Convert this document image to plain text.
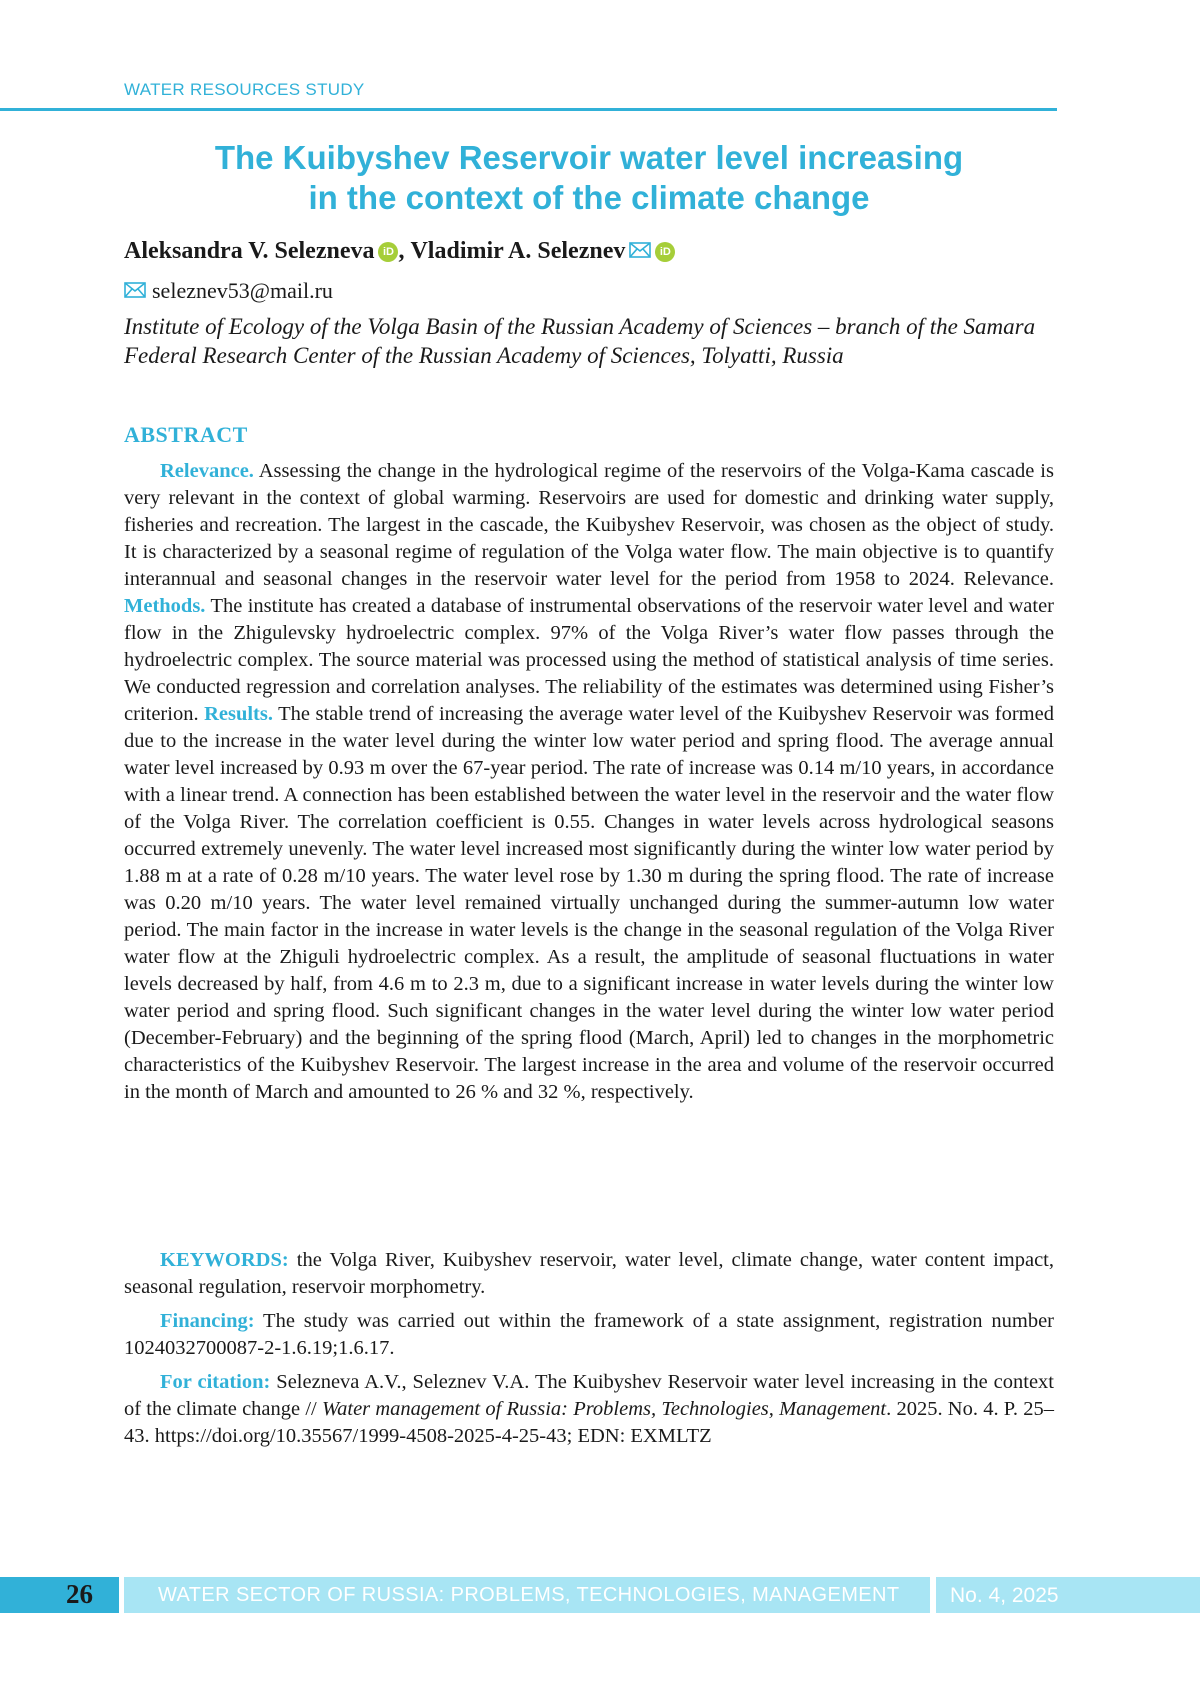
WATER RESOURCES STUDY
The Kuibyshev Reservoir water level increasing
in the context of the climate change
Aleksandra V. Selezneva iD , Vladimir A. Seleznev	iD
seleznev53@mail.ru
Institute of Ecology of the Volga Basin of the Russian Academy of Sciences – branch of the Samara Federal Research Center of the Russian Academy of Sciences, Tolyatti, Russia
ABSTRACT
Relevance. Assessing the change in the hydrological regime of the reservoirs of the Volga-Kama cascade is very relevant in the context of global warming. Reservoirs are used for domestic and drinking water supply, fisheries and recreation. The largest in the cascade, the Kuibyshev Reservoir, was chosen as the object of study. It is characterized by a seasonal regime of regulation of the Volga water flow. The main objective is to quantify interannual and seasonal changes in the reservoir water level for the period from 1958 to 2024. Relevance. Methods. The institute has created a database of instrumental observations of the reservoir water level and water flow in the Zhigulevsky hydroelectric complex. 97% of the Volga River’s water flow passes through the hydroelectric complex. The source material was processed using the method of statistical analysis of time series. We conducted regression and correlation analyses. The reliability of the estimates was determined using Fisher’s criterion. Results. The stable trend of increasing the average water level of the Kuibyshev Reservoir was formed due to the increase in the water level during the winter low water period and spring flood. The average annual water level increased by 0.93 m over the 67-year period. The rate of increase was 0.14 m/10 years, in accordance with a linear trend. A connection has been established between the water level in the reservoir and the water flow of the Volga River. The correlation coefficient is 0.55. Changes in water levels across hydrological seasons occurred extremely unevenly. The water level increased most significantly during the winter low water period by 1.88 m at a rate of 0.28 m/10 years. The water level rose by 1.30 m during the spring flood. The rate of increase was 0.20 m/10 years. The water level remained virtually unchanged during the summer-autumn low water period. The main factor in the increase in water levels is the change in the seasonal regulation of the Volga River water flow at the Zhiguli hydroelectric complex. As a result, the amplitude of seasonal fluctuations in water levels decreased by half, from 4.6 m to 2.3 m, due to a significant increase in water levels during the winter low water period and spring flood. Such significant changes in the water level during the winter low water period (December-February) and the beginning of the spring flood (March, April) led to changes in the morphometric characteristics of the Kuibyshev Reservoir. The largest increase in the area and volume of the reservoir occurred in the month of March and amounted to 26 % and 32 %, respectively.
KEYWORDS: the Volga River, Kuibyshev reservoir, water level, climate change, water content impact, seasonal regulation, reservoir morphometry.
Financing: The study was carried out within the framework of a state assignment, registration number 1024032700087-2-1.6.19;1.6.17.
For citation: Selezneva A.V., Seleznev V.A. The Kuibyshev Reservoir water level increasing in the context of the climate change // Water management of Russia: Problems, Technologies, Management. 2025. No. 4. P. 25–43. https://doi.org/10.35567/1999-4508-2025-4-25-43; EDN: EXMLTZ
26	WATER SECTOR OF RUSSIA: PROBLEMS, TECHNOLOGIES, MANAGEMENT No. 4, 2025
